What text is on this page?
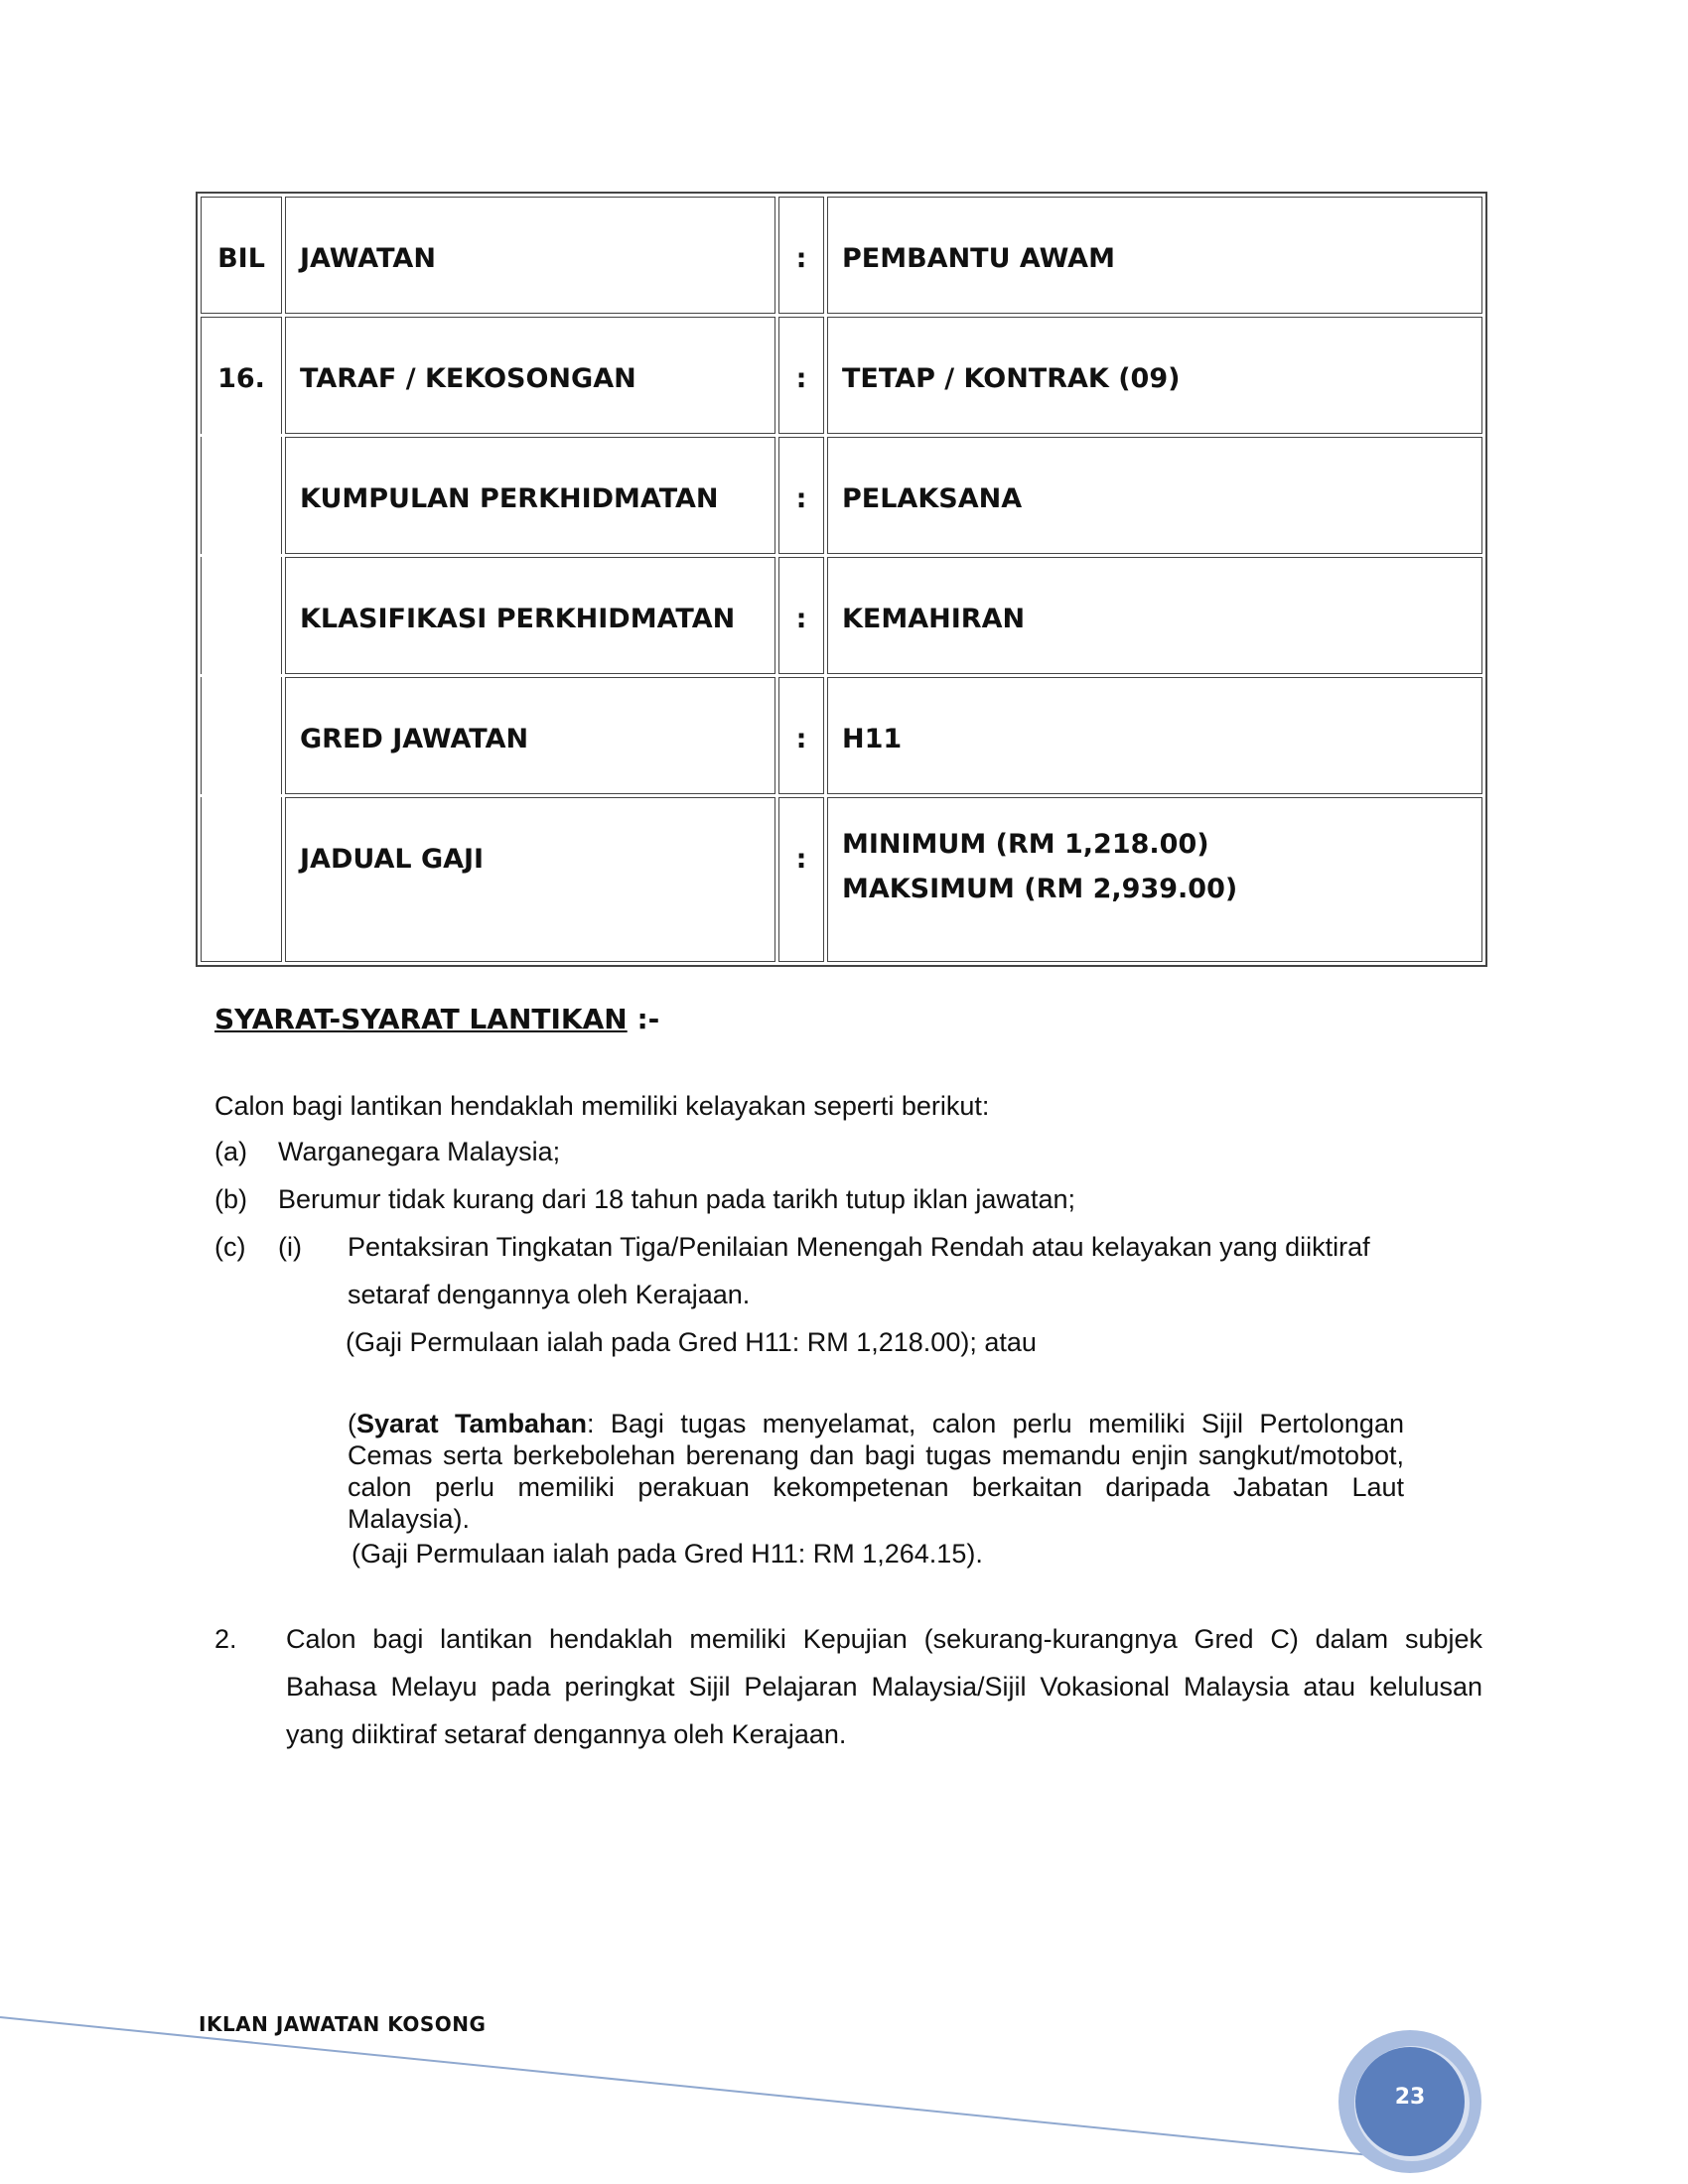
BIL	JAWATAN	:	PEMBANTU AWAM

16.	TARAF / KEKOSONGAN	:	TETAP / KONTRAK (09)

	KUMPULAN PERKHIDMATAN	:	PELAKSANA

	KLASIFIKASI PERKHIDMATAN	:	KEMAHIRAN

	GRED JAWATAN	:	H11

	JADUAL GAJI	:	MINIMUM (RM 1,218.00)
MAKSIMUM (RM 2,939.00)
SYARAT-SYARAT LANTIKAN :-
Calon bagi lantikan hendaklah memiliki kelayakan seperti berikut:
(a) Warganegara Malaysia;
(b) Berumur tidak kurang dari 18 tahun pada tarikh tutup iklan jawatan;
(c) (i) Pentaksiran Tingkatan Tiga/Penilaian Menengah Rendah atau kelayakan yang diiktiraf
setaraf dengannya oleh Kerajaan.
(Gaji Permulaan ialah pada Gred H11: RM 1,218.00); atau
(Syarat Tambahan: Bagi tugas menyelamat, calon perlu memiliki Sijil Pertolongan Cemas serta berkebolehan berenang dan bagi tugas memandu enjin sangkut/motobot, calon perlu memiliki perakuan kekompetenan berkaitan daripada Jabatan Laut Malaysia).
(Gaji Permulaan ialah pada Gred H11: RM 1,264.15).
2. Calon bagi lantikan hendaklah memiliki Kepujian (sekurang-kurangnya Gred C) dalam subjek Bahasa Melayu pada peringkat Sijil Pelajaran Malaysia/Sijil Vokasional Malaysia atau kelulusan yang diiktiraf setaraf dengannya oleh Kerajaan.
IKLAN JAWATAN KOSONG
23
